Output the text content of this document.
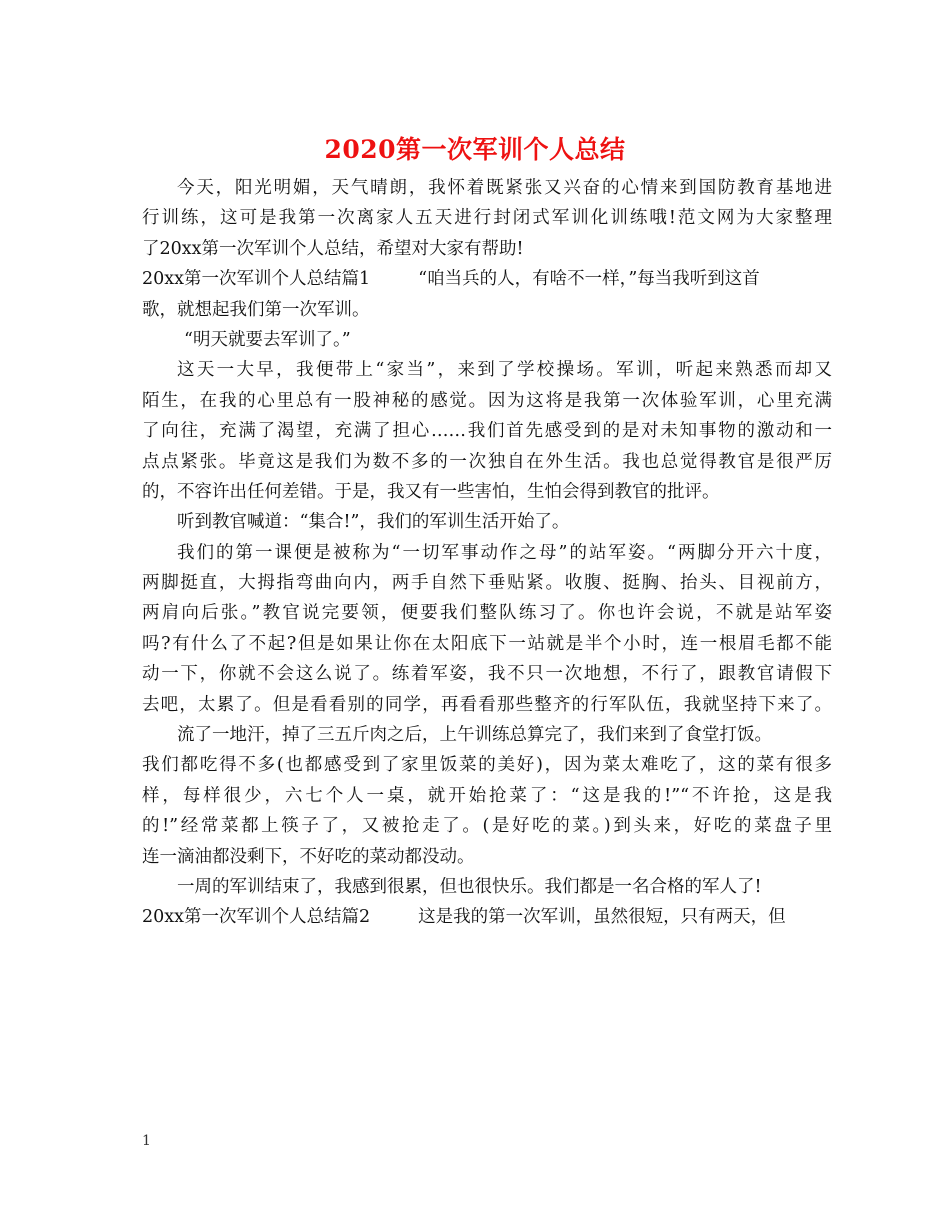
2020第一次军训个人总结
今天，阳光明媚，天气晴朗，我怀着既紧张又兴奋的心情来到国防教育基地进
行训练，这可是我第一次离家人五天进行封闭式军训化训练哦!范文网为大家整理
了20xx第一次军训个人总结，希望对大家有帮助!
20xx第一次军训个人总结篇1	“咱当兵的人，有啥不一样，”每当我听到这首
歌，就想起我们第一次军训。
“明天就要去军训了。”
这天一大早，我便带上“家当”，来到了学校操场。军训，听起来熟悉而却又
陌生，在我的心里总有一股神秘的感觉。因为这将是我第一次体验军训，心里充满
了向往，充满了渴望，充满了担心……我们首先感受到的是对未知事物的激动和一
点点紧张。毕竟这是我们为数不多的一次独自在外生活。我也总觉得教官是很严厉
的，不容许出任何差错。于是，我又有一些害怕，生怕会得到教官的批评。
听到教官喊道：“集合!”，我们的军训生活开始了。
我们的第一课便是被称为“一切军事动作之母”的站军姿。“两脚分开六十度，
两脚挺直，大拇指弯曲向内，两手自然下垂贴紧。收腹、挺胸、抬头、目视前方，
两肩向后张。”教官说完要领，便要我们整队练习了。你也许会说，不就是站军姿
吗?有什么了不起?但是如果让你在太阳底下一站就是半个小时，连一根眉毛都不能
动一下，你就不会这么说了。练着军姿，我不只一次地想，不行了，跟教官请假下
去吧，太累了。但是看看别的同学，再看看那些整齐的行军队伍，我就坚持下来了。
流了一地汗，掉了三五斤肉之后，上午训练总算完了，我们来到了食堂打饭。
我们都吃得不多(也都感受到了家里饭菜的美好)，因为菜太难吃了，这的菜有很多
样，每样很少，六七个人一桌，就开始抢菜了：“这是我的!”“不许抢，这是我
的!”经常菜都上筷子了，又被抢走了。(是好吃的菜。)到头来，好吃的菜盘子里
连一滴油都没剩下，不好吃的菜动都没动。
一周的军训结束了，我感到很累，但也很快乐。我们都是一名合格的军人了!
20xx第一次军训个人总结篇2	这是我的第一次军训，虽然很短，只有两天，但
1
